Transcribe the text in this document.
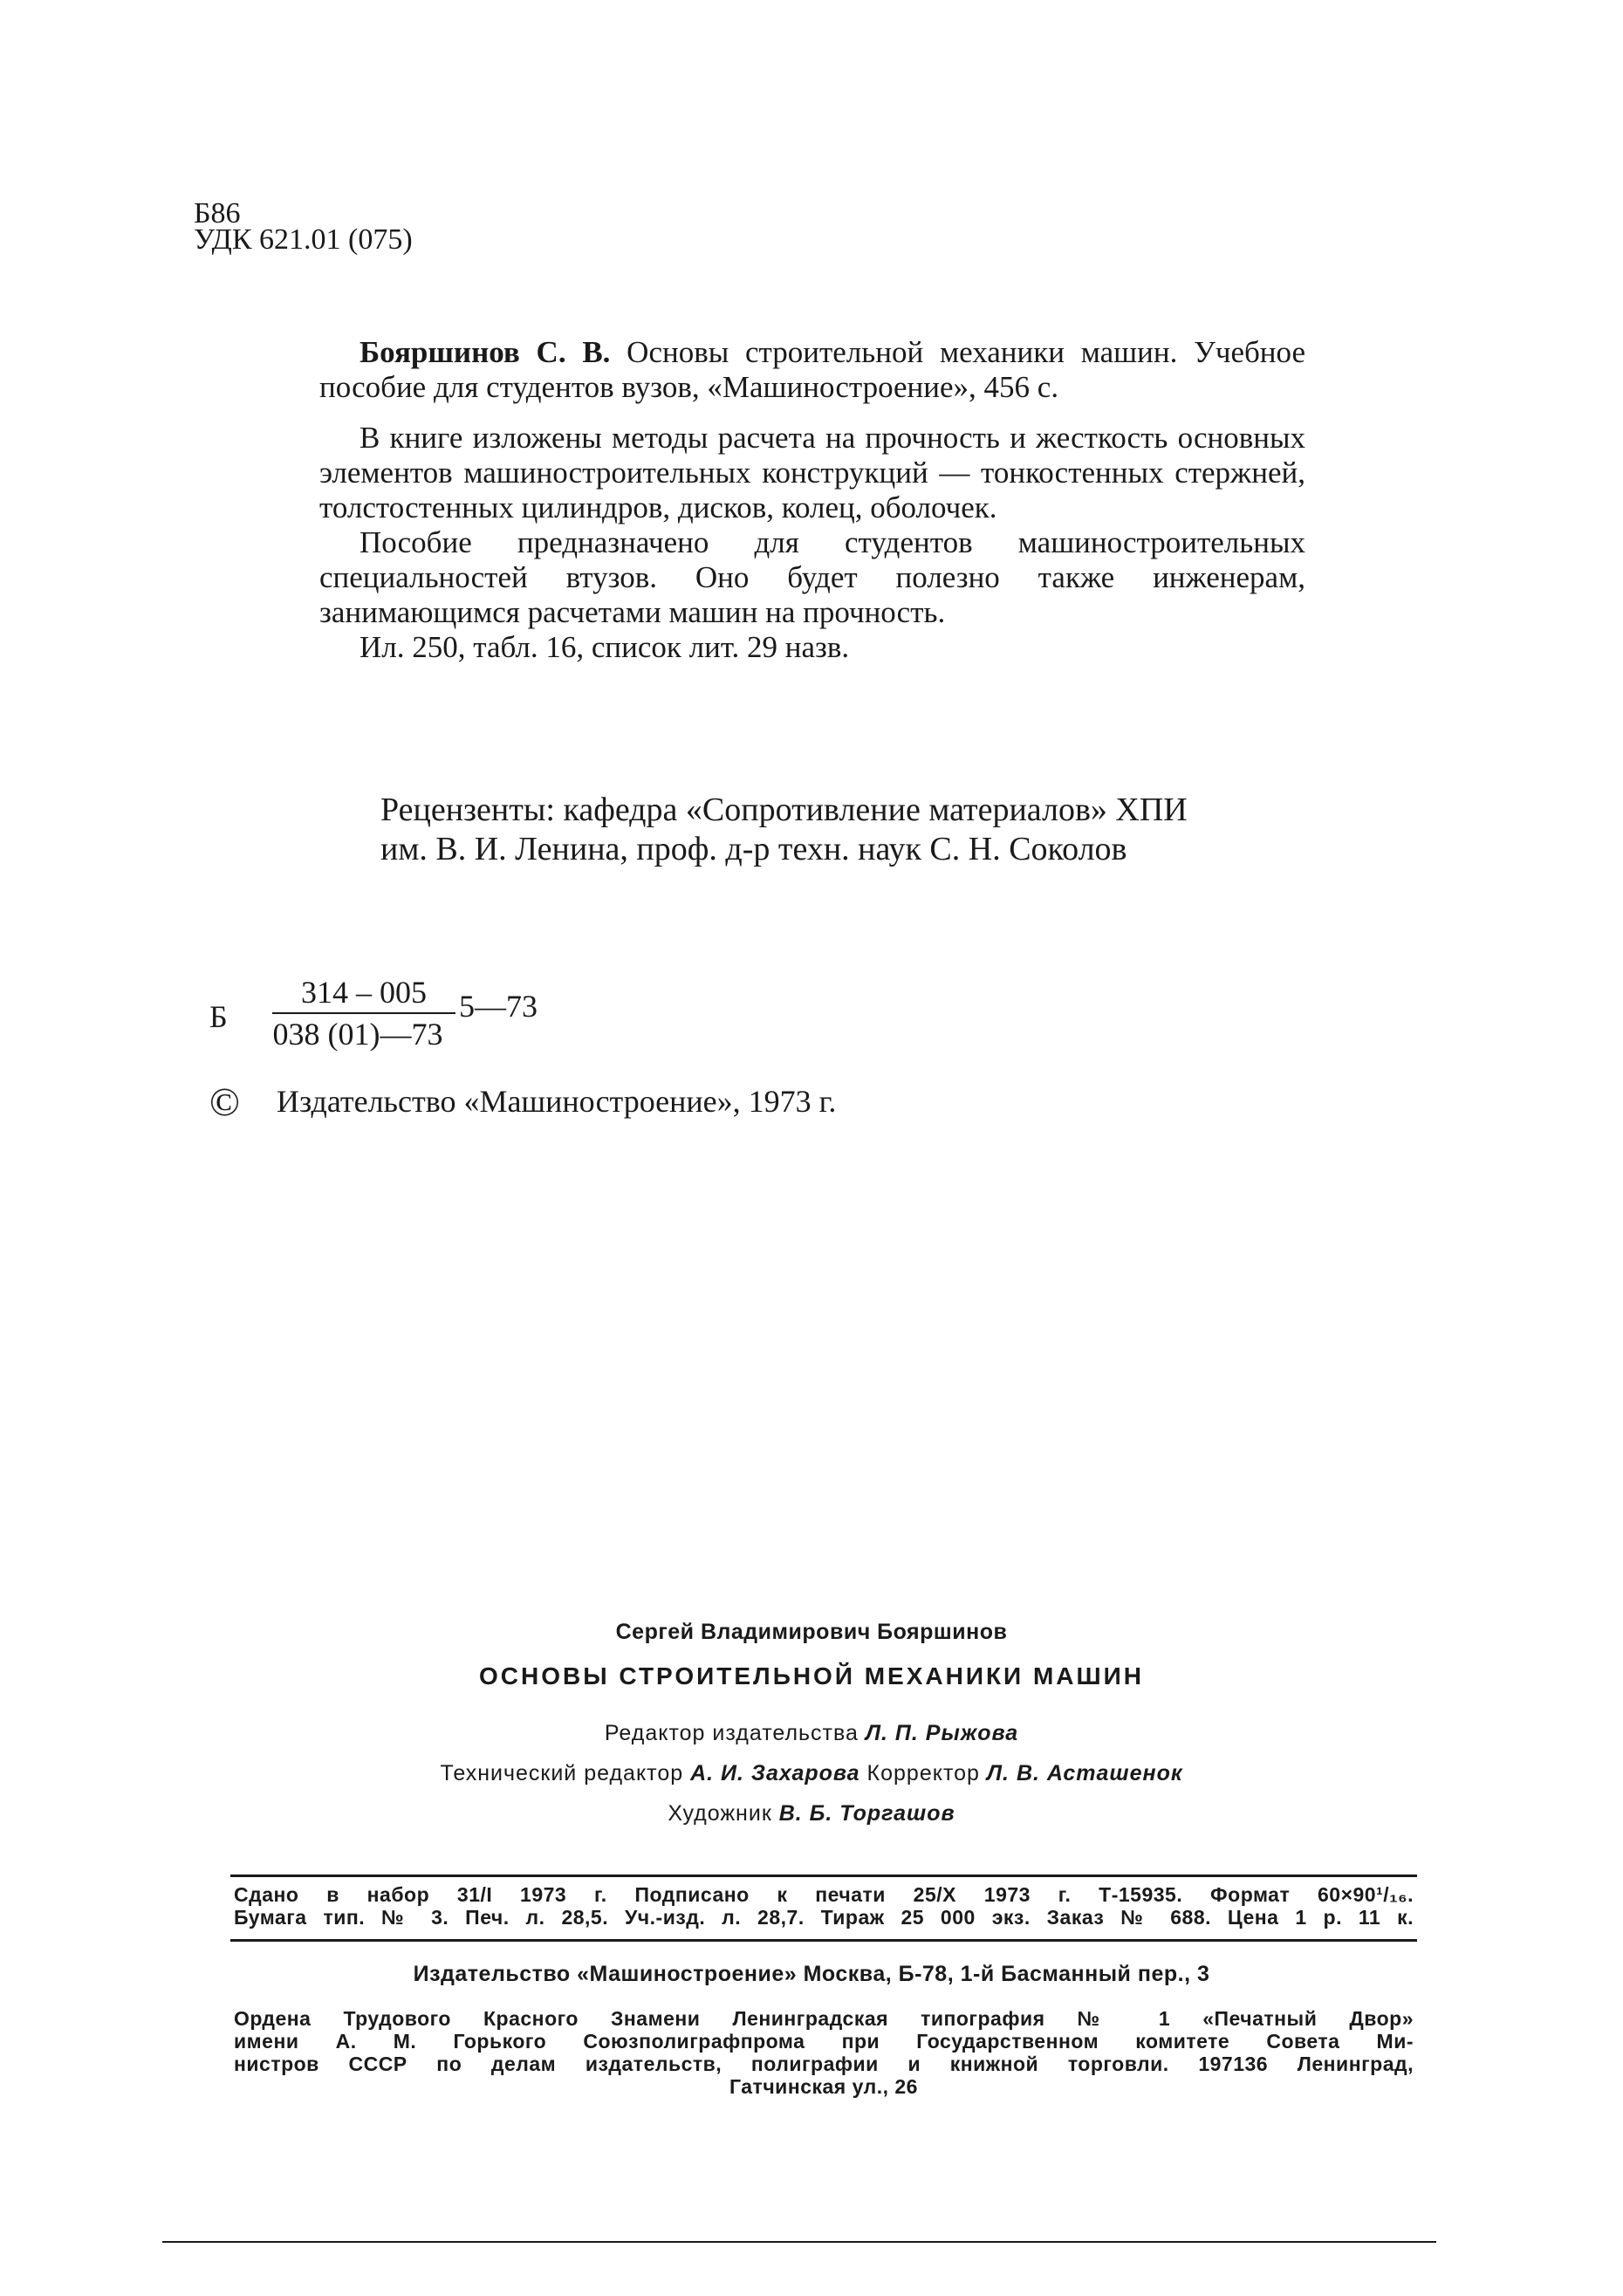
Б86
УДК 621.01 (075)

Бояршинов С. В. Основы строительной механики машин. Учебное пособие для студентов вузов, «Машиностроение», 456 с.

В книге изложены методы расчета на прочность и жесткость основных элементов машиностроительных конструкций — тонкостенных стержней, толстостенных цилиндров, дисков, колец, оболочек.

Пособие предназначено для студентов машиностроительных специальностей втузов. Оно будет полезно также инженерам, занимающимся расчетами машин на прочность.

Ил. 250, табл. 16, список лит. 29 назв.

Рецензенты: кафедра «Сопротивление материалов» ХПИ
им. В. И. Ленина, проф. д-р техн. наук С. Н. Соколов
Б
314 – 005
038 (01)—73
5—73
© Издательство «Машиностроение», 1973 г.
Сергей Владимирович Бояршинов
ОСНОВЫ СТРОИТЕЛЬНОЙ МЕХАНИКИ МАШИН
Редактор издательства Л. П. Рыжова
Технический редактор А. И. Захарова Корректор Л. В. Асташенок
Художник В. Б. Торгашов
Сдано в набор 31/I 1973 г. Подписано к печати 25/X 1973 г. Т-15935. Формат 60×90¹/₁₆.
Бумага тип. № 3. Печ. л. 28,5. Уч.-изд. л. 28,7. Тираж 25 000 экз. Заказ № 688. Цена 1 р. 11 к.
Издательство «Машиностроение» Москва, Б-78, 1-й Басманный пер., 3
Ордена Трудового Красного Знамени Ленинградская типография № 1 «Печатный Двор»
имени А. М. Горького Союзполиграфпрома при Государственном комитете Совета Ми-
нистров СССР по делам издательств, полиграфии и книжной торговли. 197136 Ленинград,
Гатчинская ул., 26
